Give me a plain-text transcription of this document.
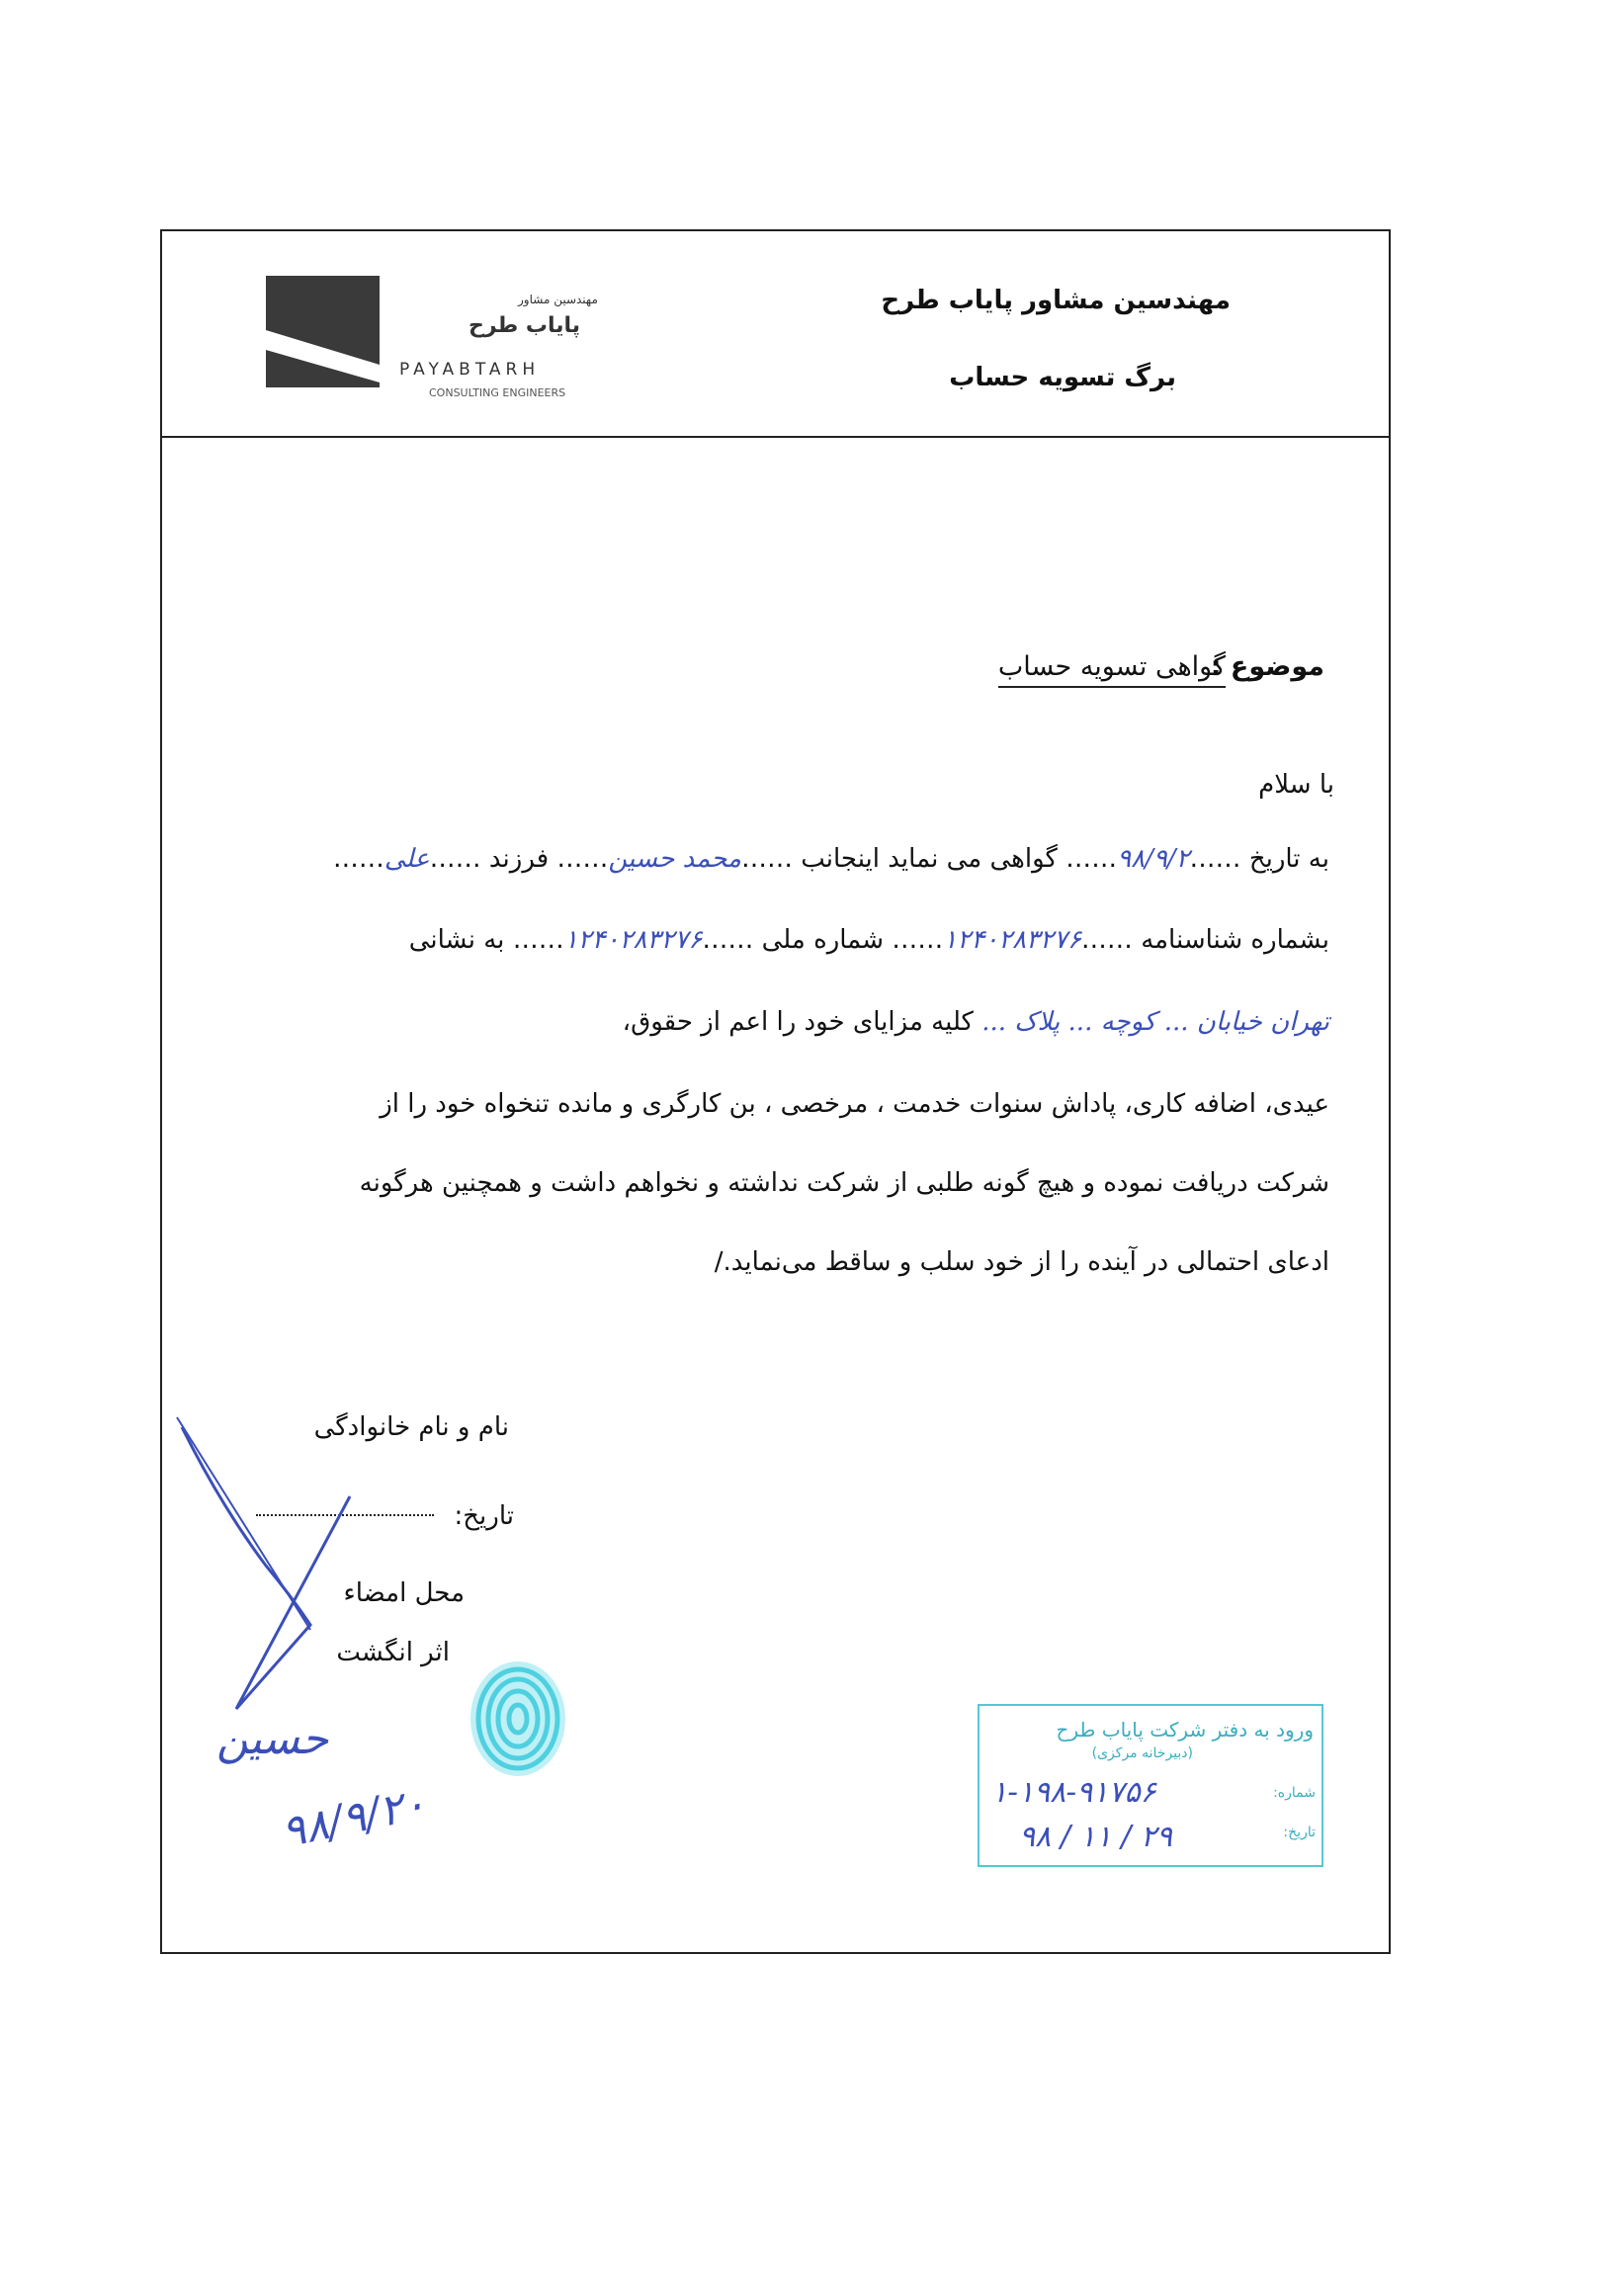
مهندسین مشاور پایاب طرح
برگ تسویه حساب
مهندسین مشاور
پایاب طرح
PAYABTARH
CONSULTING ENGINEERS
موضوع :
گواهی تسویه حساب
با سلام
به تاریخ ……۹۸/۹/۲…… گواهی می نماید اینجانب ……محمد حسین…… فرزند ……علی……
بشماره شناسنامه ……۱۲۴۰۲۸۳۲۷۶…… شماره ملی ……۱۲۴۰۲۸۳۲۷۶…… به نشانی
تهران خیابان ... کوچه ... پلاک ... کلیه مزایای خود را اعم از حقوق،
عیدی، اضافه کاری، پاداش سنوات خدمت ، مرخصی ، بن کارگری و مانده تنخواه خود را از
شرکت دریافت نموده و هیچ گونه طلبی از شرکت نداشته و نخواهم داشت و همچنین هرگونه
ادعای احتمالی در آینده را از خود سلب و ساقط می‌نماید./
نام و نام خانوادگی
تاریخ:
محل امضاء
اثر انگشت
حسین
۹۸/۹/۲۰
ورود به دفتر شرکت پایاب طرح
(دبیرخانه مرکزی)
شماره:
تاریخ:
۱-۱۹۸-۹۱۷۵۶
۹۸ / ۱۱ / ۲۹
